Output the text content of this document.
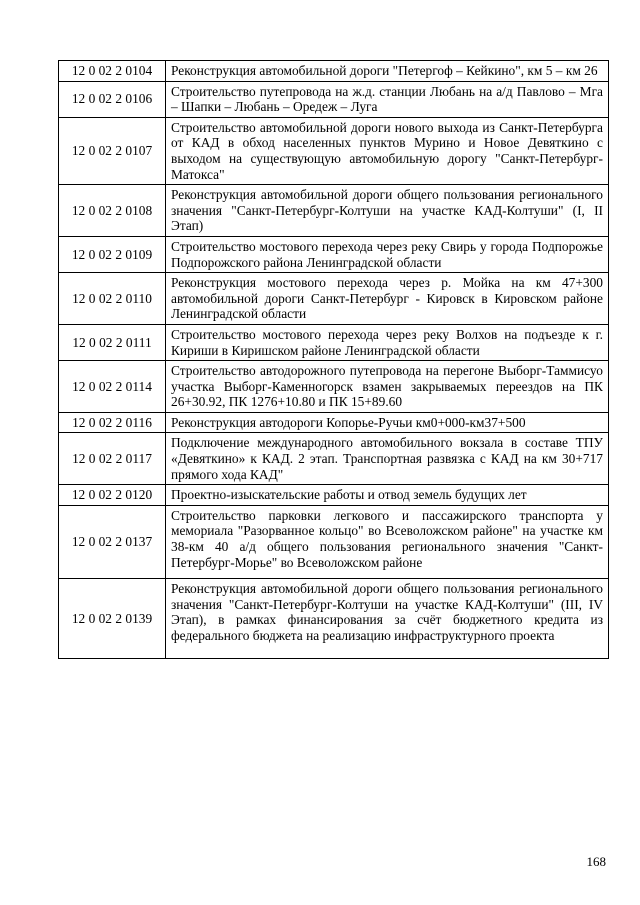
12 0 02 2 0104	Реконструкция автомобильной дороги "Петергоф – Кейкино", км 5 – км 26
12 0 02 2 0106	Строительство путепровода на ж.д. станции Любань на а/д Павлово – Мга – Шапки – Любань – Оредеж – Луга
12 0 02 2 0107	Строительство автомобильной дороги нового выхода из Санкт-Петербурга от КАД в обход населенных пунктов Мурино и Новое Девяткино с выходом на существующую автомобильную дорогу "Санкт-Петербург-Матокса"
12 0 02 2 0108	Реконструкция автомобильной дороги общего пользования регионального значения "Санкт-Петербург-Колтуши на участке КАД-Колтуши" (I, II Этап)
12 0 02 2 0109	Строительство мостового перехода через реку Свирь у города Подпорожье Подпорожского района Ленинградской области
12 0 02 2 0110	Реконструкция мостового перехода через р. Мойка на км 47+300 автомобильной дороги Санкт-Петербург - Кировск в Кировском районе Ленинградской области
12 0 02 2 0111	Строительство мостового перехода через реку Волхов на подъезде к г. Кириши в Киришском районе Ленинградской области
12 0 02 2 0114	Строительство автодорожного путепровода на перегоне Выборг-Таммисуо участка Выборг-Каменногорск взамен закрываемых переездов на ПК 26+30.92, ПК 1276+10.80 и ПК 15+89.60
12 0 02 2 0116	Реконструкция автодороги Копорье-Ручьи км0+000-км37+500
12 0 02 2 0117	Подключение международного автомобильного вокзала в составе ТПУ «Девяткино» к КАД. 2 этап. Транспортная развязка с КАД на км 30+717 прямого хода КАД"
12 0 02 2 0120	Проектно-изыскательские работы и отвод земель будущих лет
12 0 02 2 0137	Строительство парковки легкового и пассажирского транспорта у мемориала "Разорванное кольцо" во Всеволожском районе" на участке км 38-км 40 а/д общего пользования регионального значения "Санкт-Петербург-Морье" во Всеволожском районе
12 0 02 2 0139	Реконструкция автомобильной дороги общего пользования регионального значения "Санкт-Петербург-Колтуши на участке КАД-Колтуши" (III, IV Этап), в рамках финансирования за счёт бюджетного кредита из федерального бюджета на реализацию инфраструктурного проекта
168
